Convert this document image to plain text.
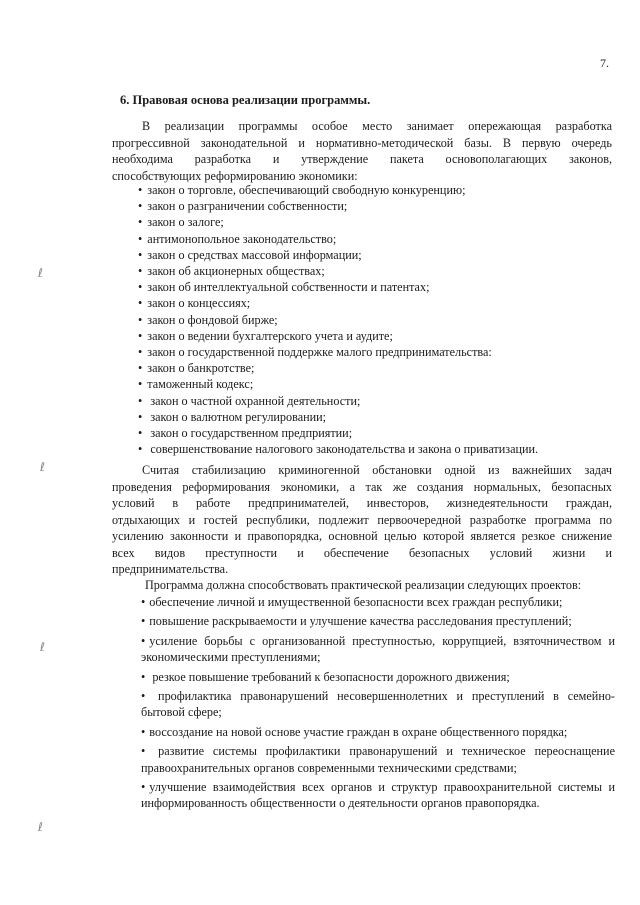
7.
6. Правовая основа реализации программы.

В реализации программы особое место занимает опережающая разработка
прогрессивной законодательной и нормативно-методической базы. В первую очередь
необходима разработка и утверждение пакета основополагающих законов,
способствующих реформированию экономики:

• закон о торговле, обеспечивающий свободную конкуренцию;
• закон о разграничении собственности;
• закон о залоге;
• антимонопольное законодательство;
• закон о средствах массовой информации;
• закон об акционерных обществах;
• закон об интеллектуальной собственности и патентах;
• закон о концессиях;
• закон о фондовой бирже;
• закон о ведении бухгалтерского учета и аудите;
• закон о государственной поддержке малого предпринимательства:
• закон о банкротстве;
• таможенный кодекс;
• закон о частной охранной деятельности;
• закон о валютном регулировании;
• закон о государственном предприятии;
• совершенствование налогового законодательства и закона о приватизации.

Считая стабилизацию криминогенной обстановки одной из важнейших задач
проведения реформирования экономики, а так же создания нормальных, безопасных
условий в работе предпринимателей, инвесторов, жизнедеятельности граждан,
отдыхающих и гостей республики, подлежит первоочередной разработке программа по
усилению законности и правопорядка, основной целью которой является резкое снижение
всех видов преступности и обеспечение безопасных условий жизни и
предпринимательства.

Программа должна способствовать практической реализации следующих проектов:
• обеспечение личной и имущественной безопасности всех граждан республики;
• повышение раскрываемости и улучшение качества расследования преступлений;
• усиление борьбы с организованной преступностью, коррупцией, взяточничеством и экономическими преступлениями;
• резкое повышение требований к безопасности дорожного движения;
• профилактика правонарушений несовершеннолетних и преступлений в семейно-бытовой сфере;
• воссоздание на новой основе участие граждан в охране общественного порядка;
• развитие системы профилактики правонарушений и техническое переоснащение правоохранительных органов современными техническими средствами;
• улучшение взаимодействия всех органов и структур правоохранительной системы и информированность общественности о деятельности органов правопорядка.
ℓ
ℓ
ℓ
ℓ
